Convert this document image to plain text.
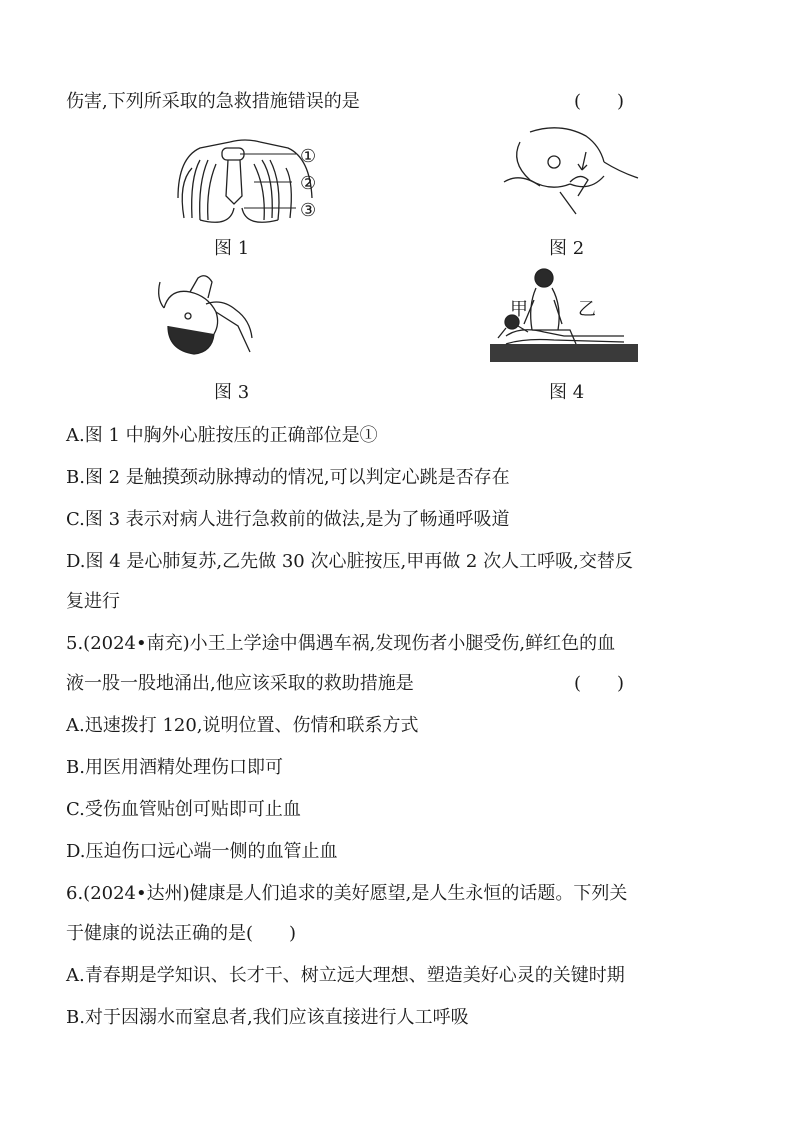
伤害,下列所采取的急救措施错误的是	(　　)
①
②
③
图 1	图 2
图 3
甲	乙
图 4
A.图 1 中胸外心脏按压的正确部位是①
B.图 2 是触摸颈动脉搏动的情况,可以判定心跳是否存在
C.图 3 表示对病人进行急救前的做法,是为了畅通呼吸道
D.图 4 是心肺复苏,乙先做 30 次心脏按压,甲再做 2 次人工呼吸,交替反
复进行
5.(2024•南充)小王上学途中偶遇车祸,发现伤者小腿受伤,鲜红色的血
液一股一股地涌出,他应该采取的救助措施是	(　　)
A.迅速拨打 120,说明位置、伤情和联系方式
B.用医用酒精处理伤口即可
C.受伤血管贴创可贴即可止血
D.压迫伤口远心端一侧的血管止血
6.(2024•达州)健康是人们追求的美好愿望,是人生永恒的话题。下列关
于健康的说法正确的是(　　)
A.青春期是学知识、长才干、树立远大理想、塑造美好心灵的关键时期
B.对于因溺水而窒息者,我们应该直接进行人工呼吸
